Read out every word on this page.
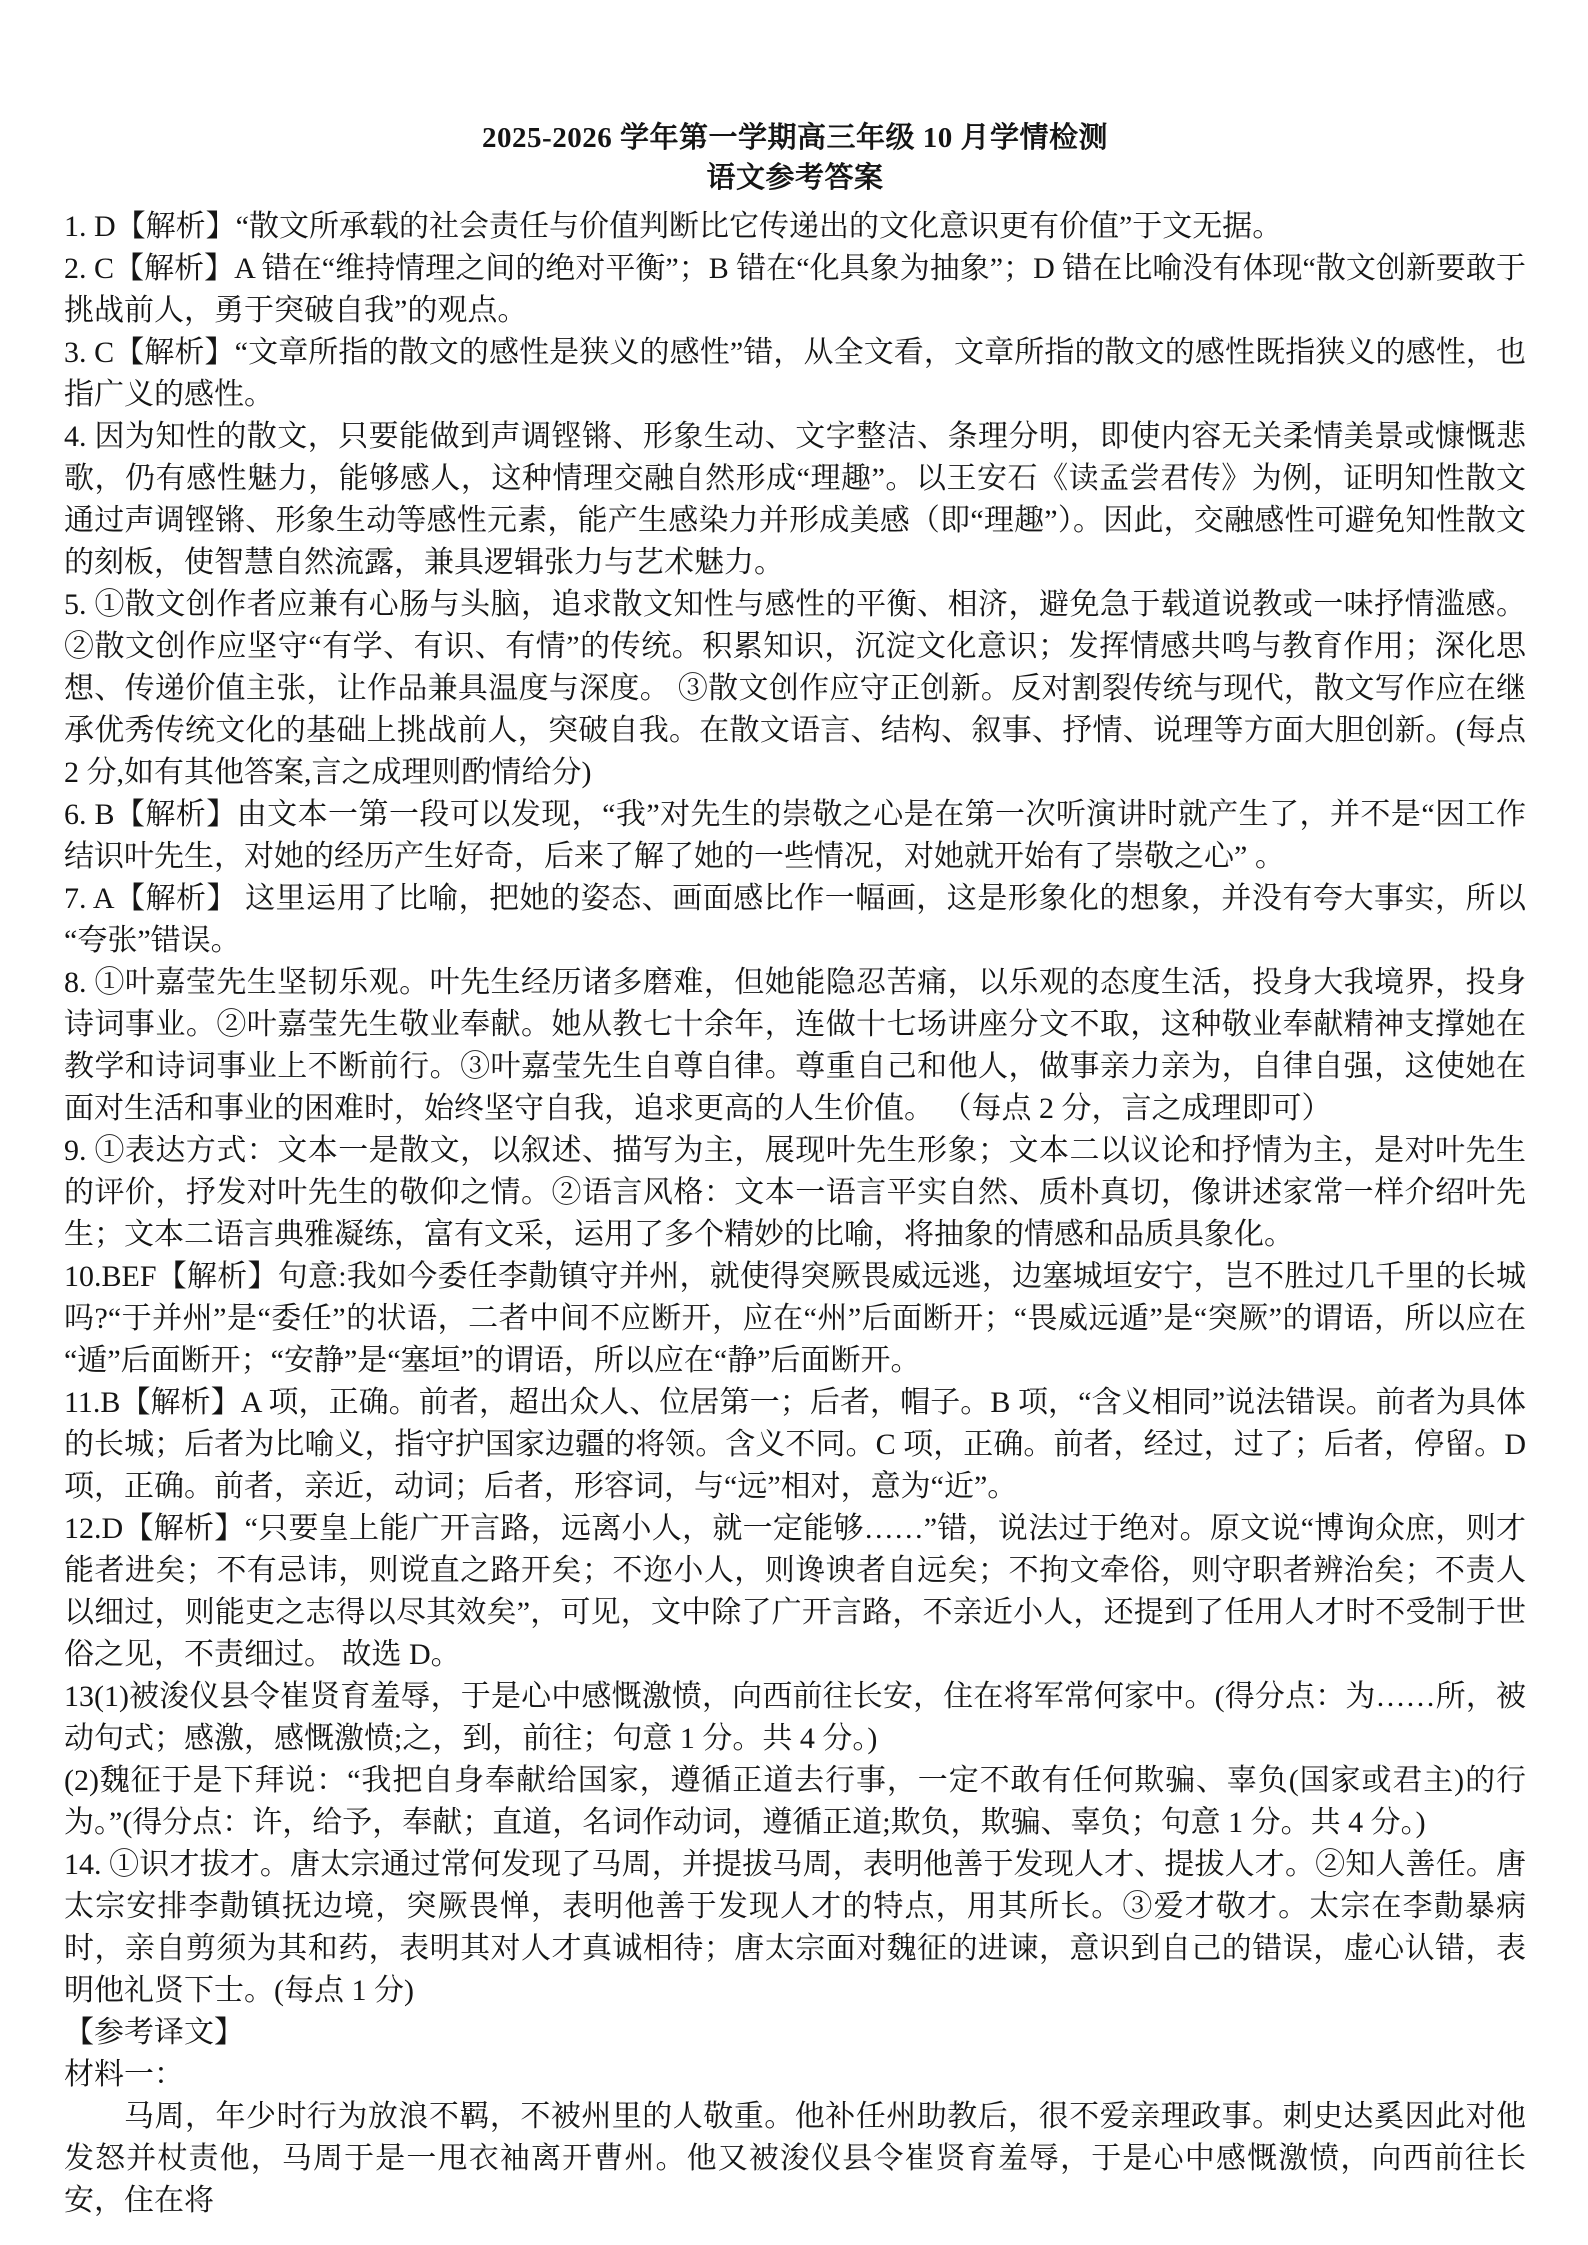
2025-2026 学年第一学期高三年级 10 月学情检测
语文参考答案

1. D【解析】“散文所承载的社会责任与价值判断比它传递出的文化意识更有价值”于文无据。

2. C【解析】A 错在“维持情理之间的绝对平衡”；B 错在“化具象为抽象”；D 错在比喻没有体现“散文创新要敢于挑战前人，勇于突破自我”的观点。

3. C【解析】“文章所指的散文的感性是狭义的感性”错，从全文看，文章所指的散文的感性既指狭义的感性，也指广义的感性。

4. 因为知性的散文，只要能做到声调铿锵、形象生动、文字整洁、条理分明，即使内容无关柔情美景或慷慨悲歌，仍有感性魅力，能够感人，这种情理交融自然形成“理趣”。以王安石《读孟尝君传》为例，证明知性散文通过声调铿锵、形象生动等感性元素，能产生感染力并形成美感（即“理趣”）。因此，交融感性可避免知性散文的刻板，使智慧自然流露，兼具逻辑张力与艺术魅力。

5. ①散文创作者应兼有心肠与头脑，追求散文知性与感性的平衡、相济，避免急于载道说教或一味抒情滥感。 ②散文创作应坚守“有学、有识、有情”的传统。积累知识，沉淀文化意识；发挥情感共鸣与教育作用；深化思想、传递价值主张，让作品兼具温度与深度。 ③散文创作应守正创新。反对割裂传统与现代，散文写作应在继承优秀传统文化的基础上挑战前人，突破自我。在散文语言、结构、叙事、抒情、说理等方面大胆创新。(每点 2 分,如有其他答案,言之成理则酌情给分)

6. B【解析】由文本一第一段可以发现，“我”对先生的崇敬之心是在第一次听演讲时就产生了，并不是“因工作结识叶先生，对她的经历产生好奇，后来了解了她的一些情况，对她就开始有了崇敬之心” 。

7. A【解析】 这里运用了比喻，把她的姿态、画面感比作一幅画，这是形象化的想象，并没有夸大事实，所以“夸张”错误。

8. ①叶嘉莹先生坚韧乐观。叶先生经历诸多磨难，但她能隐忍苦痛，以乐观的态度生活，投身大我境界，投身诗词事业。②叶嘉莹先生敬业奉献。她从教七十余年，连做十七场讲座分文不取，这种敬业奉献精神支撑她在教学和诗词事业上不断前行。③叶嘉莹先生自尊自律。尊重自己和他人，做事亲力亲为，自律自强，这使她在面对生活和事业的困难时，始终坚守自我，追求更高的人生价值。 （每点 2 分，言之成理即可）

9. ①表达方式：文本一是散文，以叙述、描写为主，展现叶先生形象；文本二以议论和抒情为主，是对叶先生的评价，抒发对叶先生的敬仰之情。②语言风格：文本一语言平实自然、质朴真切，像讲述家常一样介绍叶先生；文本二语言典雅凝练，富有文采，运用了多个精妙的比喻，将抽象的情感和品质具象化。

10.BEF【解析】句意:我如今委任李勣镇守并州，就使得突厥畏威远逃，边塞城垣安宁，岂不胜过几千里的长城吗?“于并州”是“委任”的状语，二者中间不应断开，应在“州”后面断开；“畏威远遁”是“突厥”的谓语，所以应在“遁”后面断开；“安静”是“塞垣”的谓语，所以应在“静”后面断开。

11.B【解析】A 项，正确。前者，超出众人、位居第一；后者，帽子。B 项，“含义相同”说法错误。前者为具体的长城；后者为比喻义，指守护国家边疆的将领。含义不同。C 项，正确。前者，经过，过了；后者，停留。D 项，正确。前者，亲近，动词；后者，形容词，与“远”相对，意为“近”。

12.D【解析】“只要皇上能广开言路，远离小人，就一定能够……”错，说法过于绝对。原文说“博询众庶，则才能者进矣；不有忌讳，则谠直之路开矣；不迩小人，则谗谀者自远矣；不拘文牵俗，则守职者辨治矣；不责人以细过，则能吏之志得以尽其效矣”，可见，文中除了广开言路，不亲近小人，还提到了任用人才时不受制于世俗之见，不责细过。 故选 D。

13(1)被浚仪县令崔贤育羞辱，于是心中感慨激愤，向西前往长安，住在将军常何家中。(得分点：为……所，被动句式；感激，感慨激愤;之，到，前往；句意 1 分。共 4 分。)

(2)魏征于是下拜说：“我把自身奉献给国家，遵循正道去行事，一定不敢有任何欺骗、辜负(国家或君主)的行为。”(得分点：许，给予，奉献；直道，名词作动词，遵循正道;欺负，欺骗、辜负；句意 1 分。共 4 分。)

14. ①识才拔才。唐太宗通过常何发现了马周，并提拔马周，表明他善于发现人才、提拔人才。②知人善任。唐太宗安排李勣镇抚边境，突厥畏惮，表明他善于发现人才的特点，用其所长。③爱才敬才。太宗在李勣暴病时，亲自剪须为其和药，表明其对人才真诚相待；唐太宗面对魏征的进谏，意识到自己的错误，虚心认错，表明他礼贤下士。(每点 1 分)

【参考译文】

材料一：

马周，年少时行为放浪不羁，不被州里的人敬重。他补任州助教后，很不爱亲理政事。刺史达奚因此对他发怒并杖责他，马周于是一甩衣袖离开曹州。他又被浚仪县令崔贤育羞辱，于是心中感慨激愤，向西前往长安，住在将
